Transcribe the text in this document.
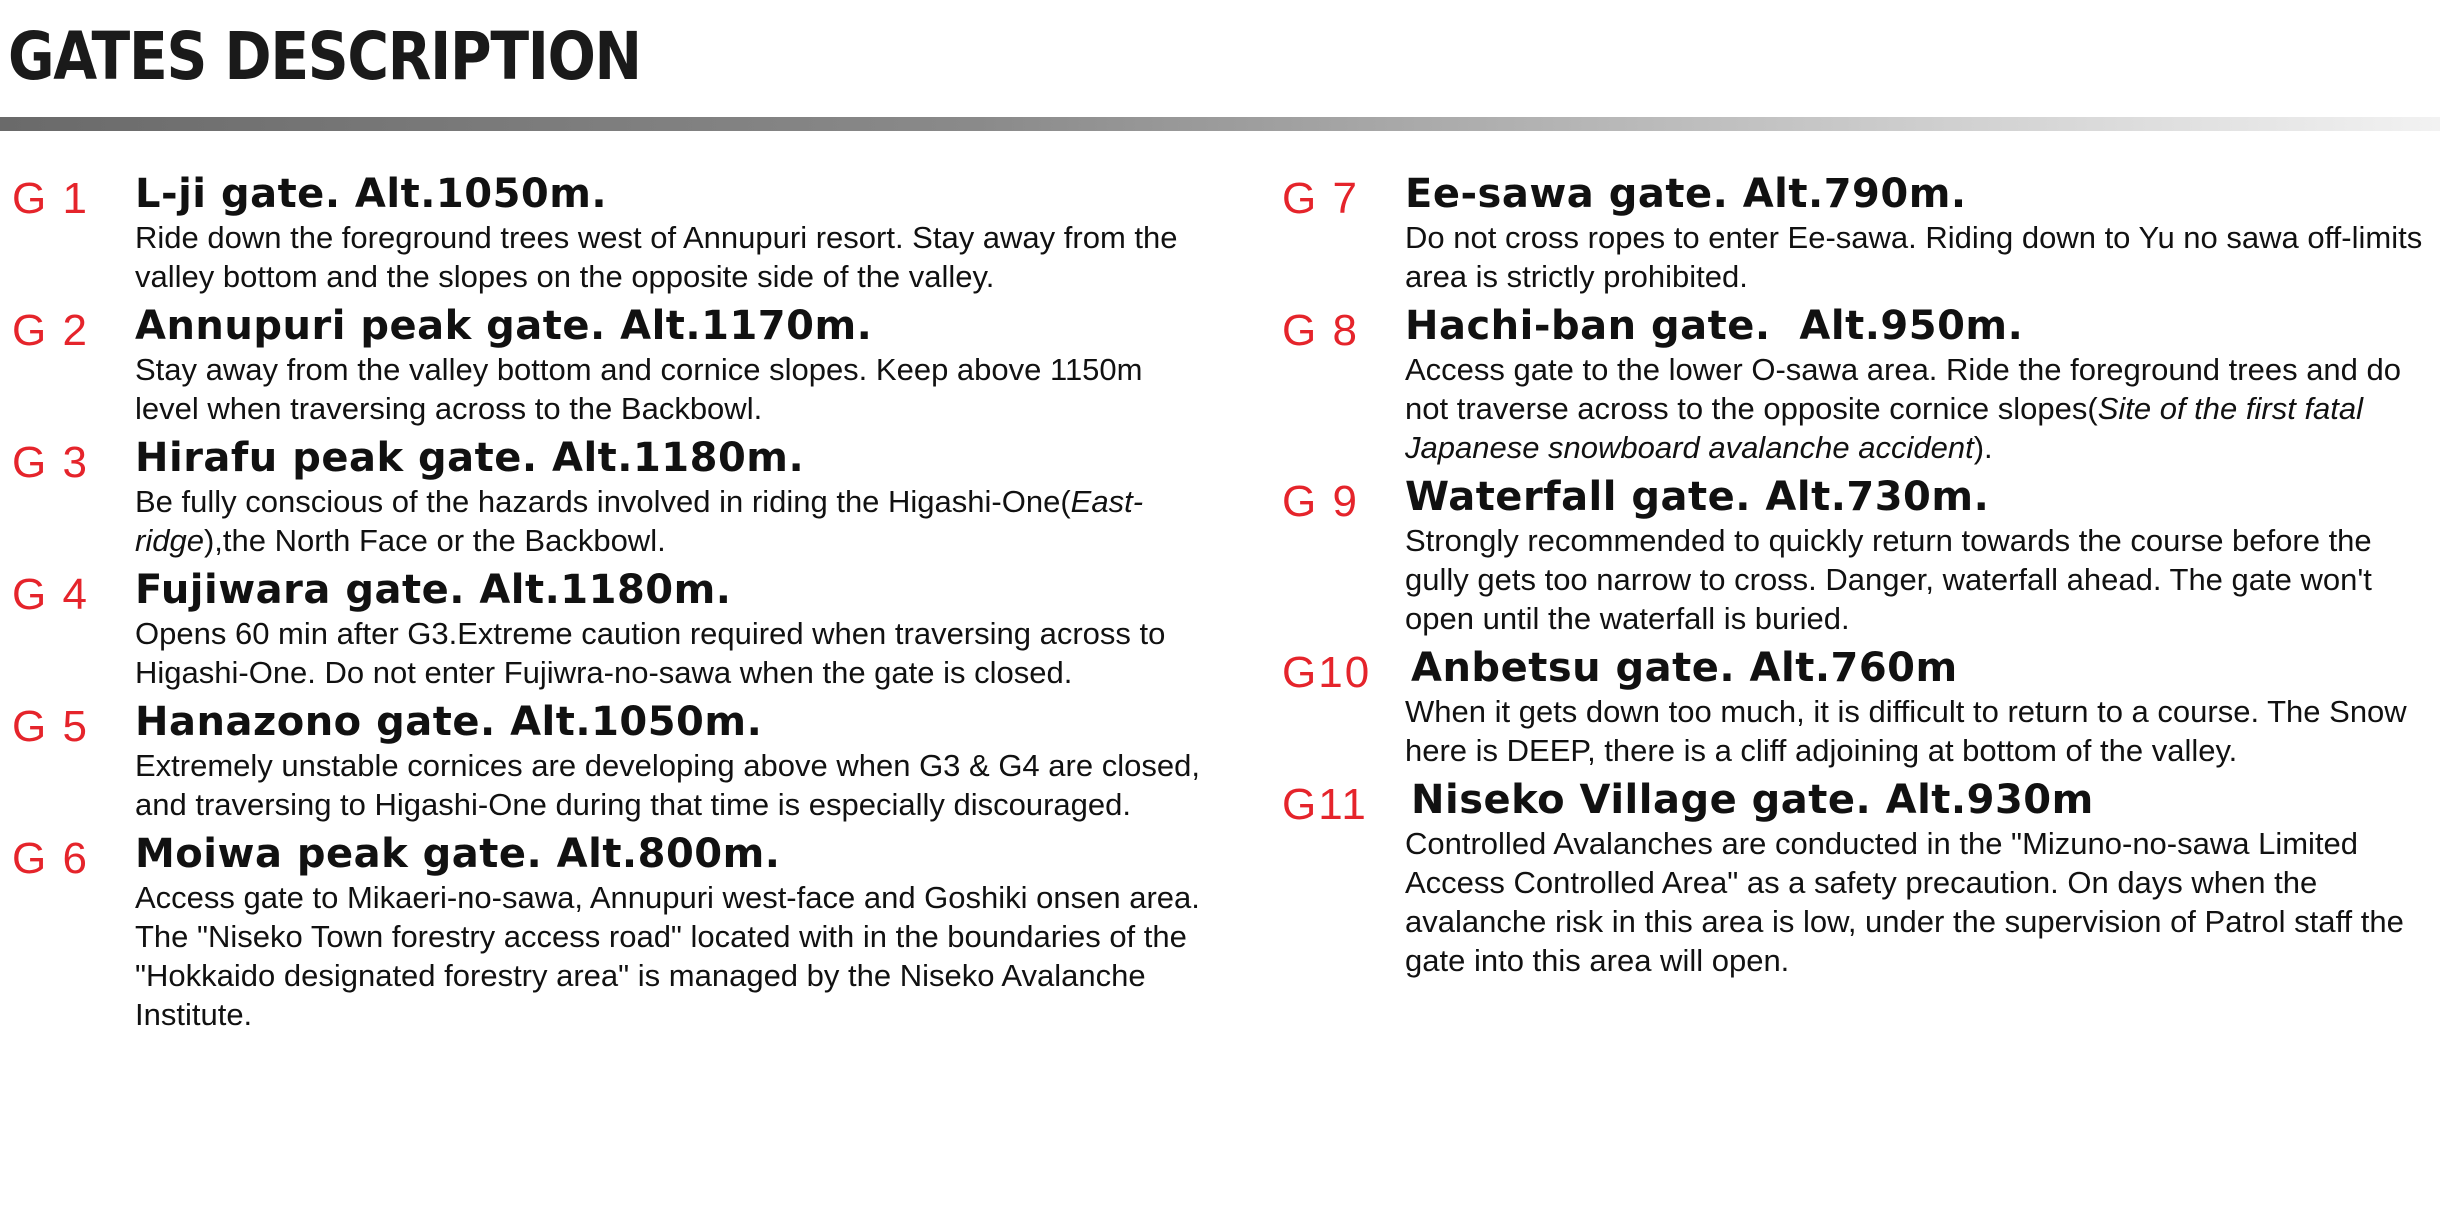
GATES DESCRIPTION
G 1 L-ji gate. Alt.1050m.
Ride down the foreground trees west of Annupuri resort. Stay away from the valley bottom and the slopes on the opposite side of the valley.
G 2 Annupuri peak gate. Alt.1170m.
Stay away from the valley bottom and cornice slopes. Keep above 1150m level when traversing across to the Backbowl.
G 3 Hirafu peak gate. Alt.1180m.
Be fully conscious of the hazards involved in riding the Higashi-One(East-ridge),the North Face or the Backbowl.
G 4 Fujiwara gate. Alt.1180m.
Opens 60 min after G3.Extreme caution required when traversing across to Higashi-One. Do not enter Fujiwra-no-sawa when the gate is closed.
G 5 Hanazono gate. Alt.1050m.
Extremely unstable cornices are developing above when G3 & G4 are closed, and traversing to Higashi-One during that time is especially discouraged.
G 6 Moiwa peak gate. Alt.800m.
Access gate to Mikaeri-no-sawa, Annupuri west-face and Goshiki onsen area. The "Niseko Town forestry access road" located with in the boundaries of the "Hokkaido designated forestry area" is managed by the Niseko Avalanche Institute.
G 7 Ee-sawa gate. Alt.790m.
Do not cross ropes to enter Ee-sawa. Riding down to Yu no sawa off-limits area is strictly prohibited.
G 8 Hachi-ban gate.  Alt.950m.
Access gate to the lower O-sawa area. Ride the foreground trees and do not traverse across to the opposite cornice slopes(Site of the first fatal Japanese snowboard avalanche accident).
G 9 Waterfall gate. Alt.730m.
Strongly recommended to quickly return towards the course before the gully gets too narrow to cross. Danger, waterfall ahead. The gate won't open until the waterfall is buried.
G10 Anbetsu gate. Alt.760m
When it gets down too much, it is difficult to return to a course. The Snow here is DEEP, there is a cliff adjoining at bottom of the valley.
G11 Niseko Village gate. Alt.930m
Controlled Avalanches are conducted in the "Mizuno-no-sawa Limited Access Controlled Area" as a safety precaution. On days when the avalanche risk in this area is low, under the supervision of Patrol staff the gate into this area will open.
